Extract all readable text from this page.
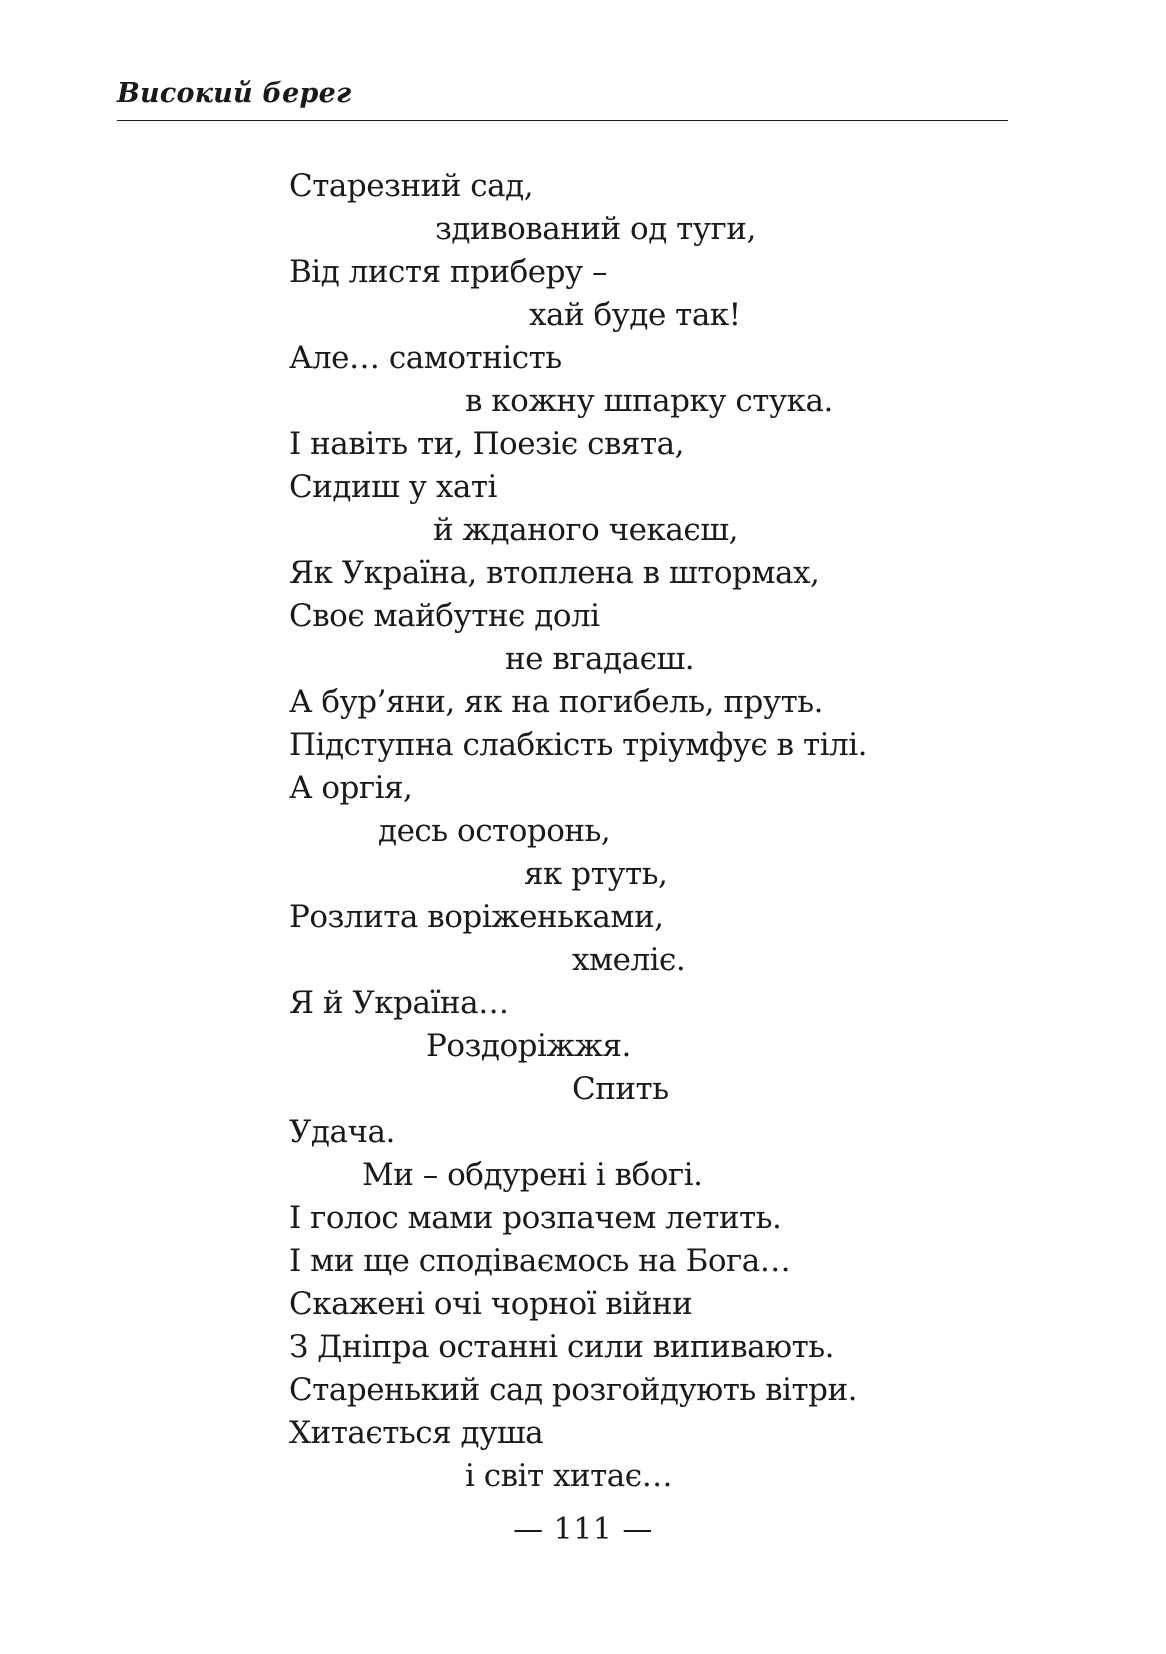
Високий берег
Старезний сад,
здивований од туги,
Від листя приберу –
хай буде так!
Але… самотність
в кожну шпарку стука.
І навіть ти, Поезіє свята,
Сидиш у хаті
й жданого чекаєш,
Як Україна, втоплена в штормах,
Своє майбутнє долі
не вгадаєш.
А бур’яни, як на погибель, пруть.
Підступна слабкість тріумфує в тілі.
А оргія,
десь осторонь,
як ртуть,
Розлита воріженьками,
хмеліє.
Я й Україна…
Роздоріжжя.
Спить
Удача.
Ми – обдурені і вбогі.
І голос мами розпачем летить.
І ми ще сподіваємось на Бога…
Скажені очі чорної війни
З Дніпра останні сили випивають.
Старенький сад розгойдують вітри.
Хитається душа
і світ хитає…
— 111 —
